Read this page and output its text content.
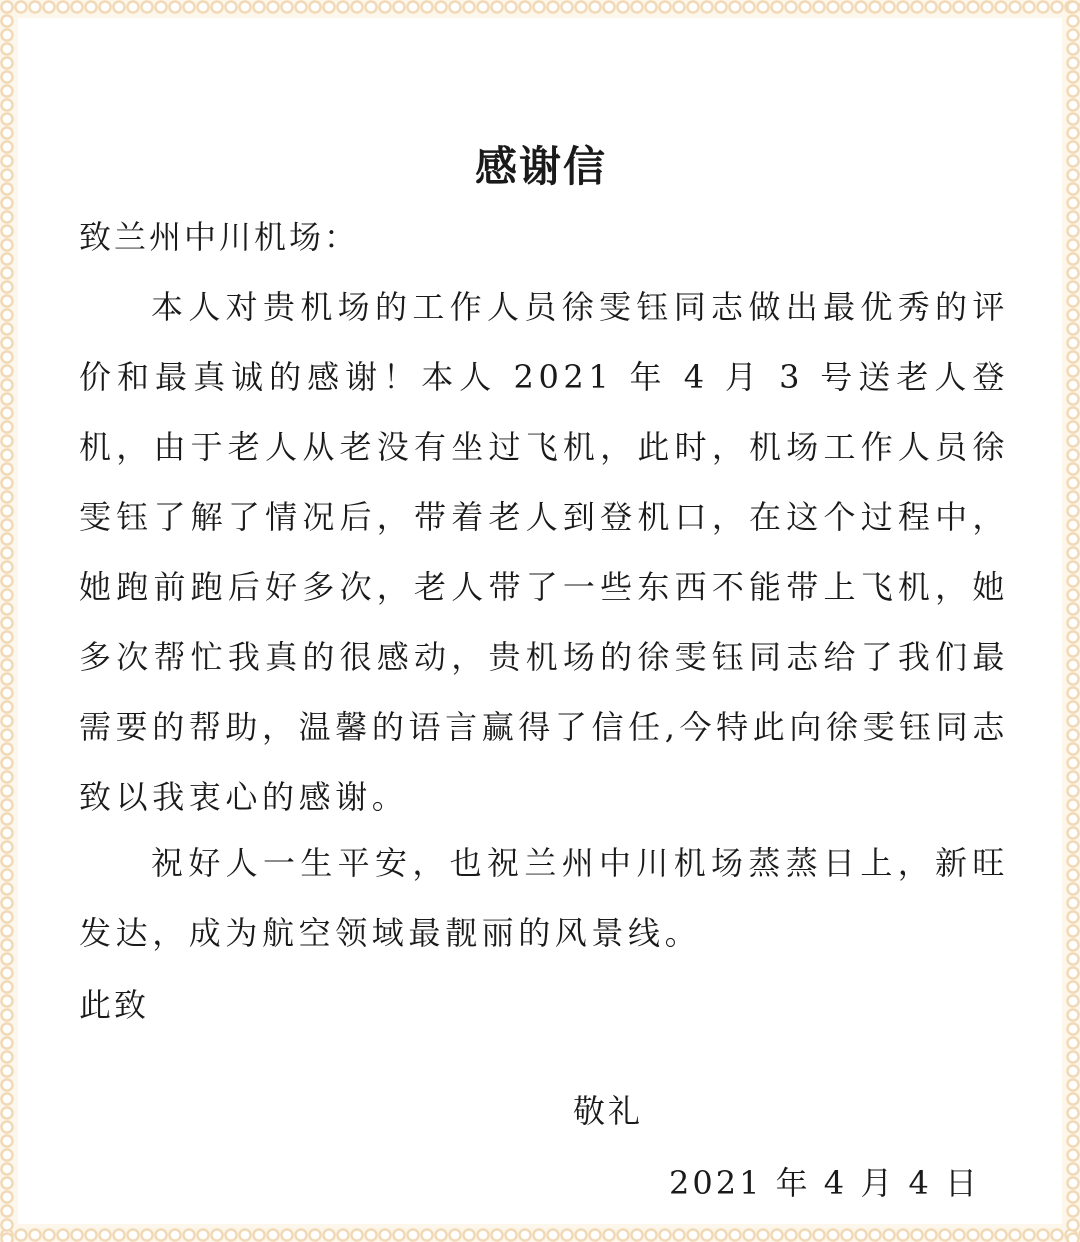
感谢信

致兰州中川机场：

本人对贵机场的工作人员徐雯钰同志做出最优秀的评价和最真诚的感谢！本人 2021 年 4 月 3 号送老人登机，由于老人从老没有坐过飞机，此时，机场工作人员徐雯钰了解了情况后，带着老人到登机口，在这个过程中，她跑前跑后好多次，老人带了一些东西不能带上飞机，她多次帮忙我真的很感动，贵机场的徐雯钰同志给了我们最需要的帮助，温馨的语言赢得了信任,今特此向徐雯钰同志致以我衷心的感谢。

祝好人一生平安，也祝兰州中川机场蒸蒸日上，新旺发达，成为航空领域最靓丽的风景线。

此致

敬礼

2021 年 4 月 4 日
